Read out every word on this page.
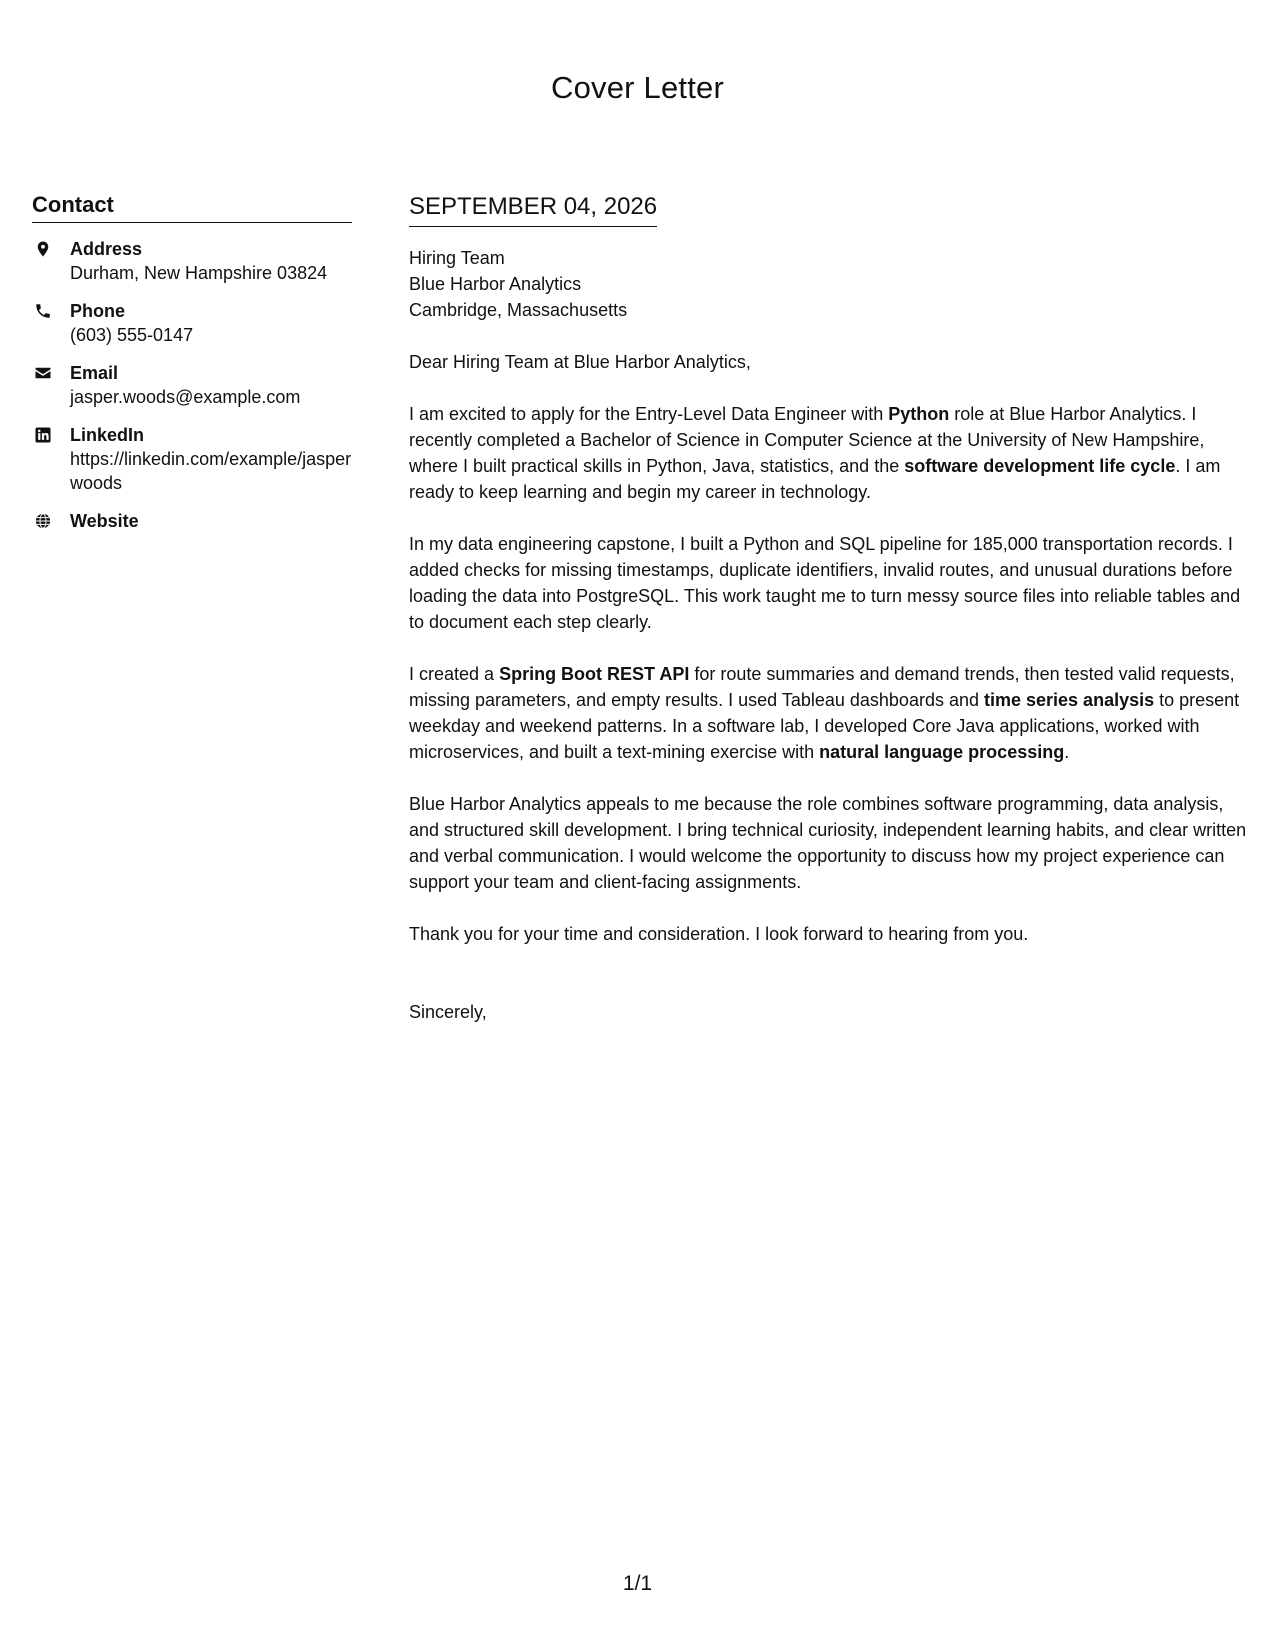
Cover Letter
Contact
Address
Durham, New Hampshire 03824
Phone
(603) 555-0147
Email
jasper.woods@example.com
LinkedIn
https://linkedin.com/example/jasperwoods
Website
SEPTEMBER 04, 2026

Hiring Team

Blue Harbor Analytics

Cambridge, Massachusetts

Dear Hiring Team at Blue Harbor Analytics,

I am excited to apply for the Entry-Level Data Engineer with Python role at Blue Harbor Analytics. I recently completed a Bachelor of Science in Computer Science at the University of New Hampshire, where I built practical skills in Python, Java, statistics, and the software development life cycle. I am ready to keep learning and begin my career in technology.

In my data engineering capstone, I built a Python and SQL pipeline for 185,000 transportation records. I added checks for missing timestamps, duplicate identifiers, invalid routes, and unusual durations before loading the data into PostgreSQL. This work taught me to turn messy source files into reliable tables and to document each step clearly.

I created a Spring Boot REST API for route summaries and demand trends, then tested valid requests, missing parameters, and empty results. I used Tableau dashboards and time series analysis to present weekday and weekend patterns. In a software lab, I developed Core Java applications, worked with microservices, and built a text-mining exercise with natural language processing.

Blue Harbor Analytics appeals to me because the role combines software programming, data analysis, and structured skill development. I bring technical curiosity, independent learning habits, and clear written and verbal communication. I would welcome the opportunity to discuss how my project experience can support your team and client-facing assignments.

Thank you for your time and consideration. I look forward to hearing from you.

Sincerely,

1/1
